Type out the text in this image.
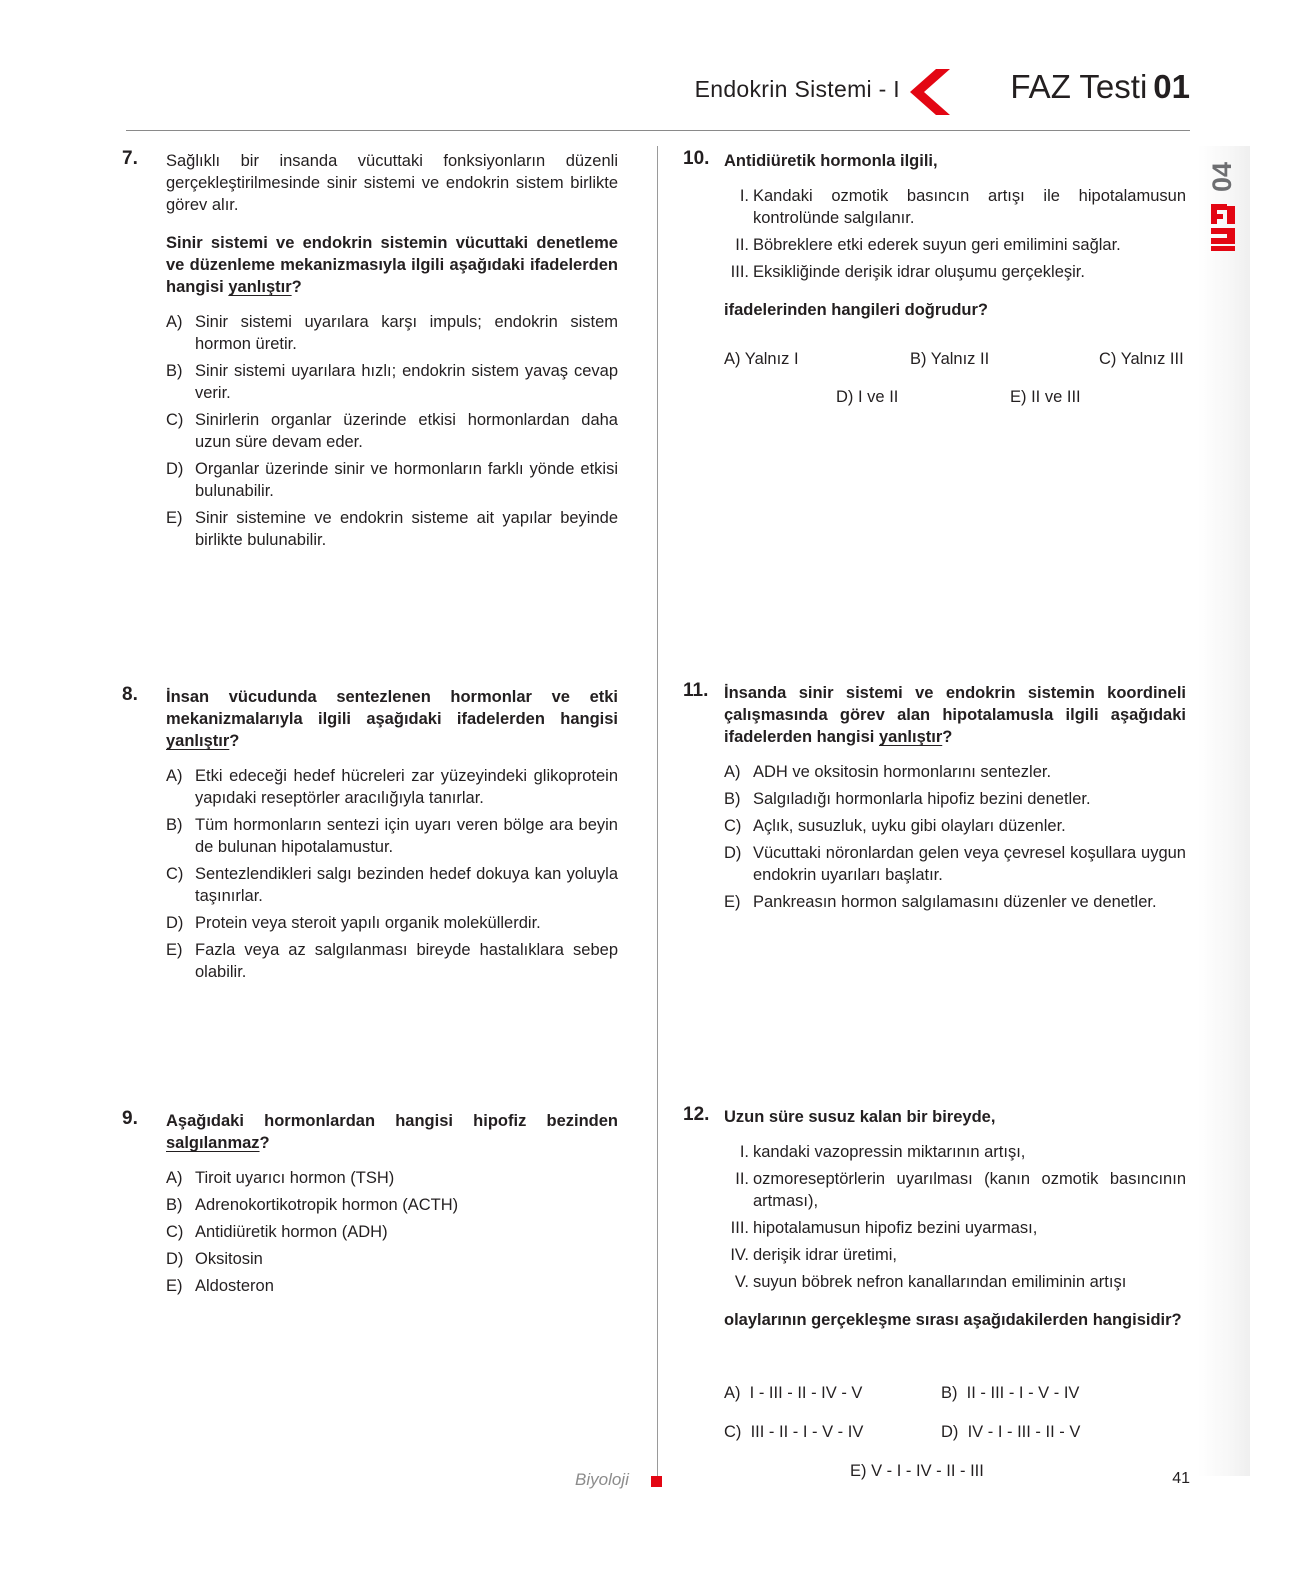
Endokrin Sistemi - I	FAZ Testi 01
04
7. Sağlıklı bir insanda vücuttaki fonksiyonların düzenli gerçekleştirilmesinde sinir sistemi ve endokrin sistem birlikte görev alır.
Sinir sistemi ve endokrin sistemin vücuttaki denetleme ve düzenleme mekanizmasıyla ilgili aşağıdaki ifadelerden hangisi yanlıştır?
A) Sinir sistemi uyarılara karşı impuls; endokrin sistem hormon üretir.
B) Sinir sistemi uyarılara hızlı; endokrin sistem yavaş cevap verir.
C) Sinirlerin organlar üzerinde etkisi hormonlardan daha uzun süre devam eder.
D) Organlar üzerinde sinir ve hormonların farklı yönde etkisi bulunabilir.
E) Sinir sistemine ve endokrin sisteme ait yapılar beyinde birlikte bulunabilir.
8. İnsan vücudunda sentezlenen hormonlar ve etki mekanizmalarıyla ilgili aşağıdaki ifadelerden hangisi yanlıştır?
A) Etki edeceği hedef hücreleri zar yüzeyindeki glikoprotein yapıdaki reseptörler aracılığıyla tanırlar.
B) Tüm hormonların sentezi için uyarı veren bölge ara beyin de bulunan hipotalamustur.
C) Sentezlendikleri salgı bezinden hedef dokuya kan yoluyla taşınırlar.
D) Protein veya steroit yapılı organik moleküllerdir.
E) Fazla veya az salgılanması bireyde hastalıklara sebep olabilir.
9. Aşağıdaki hormonlardan hangisi hipofiz bezinden salgılanmaz?
A) Tiroit uyarıcı hormon (TSH)
B) Adrenokortikotropik hormon (ACTH)
C) Antidiüretik hormon (ADH)
D) Oksitosin
E) Aldosteron
10. Antidiüretik hormonla ilgili,
I. Kandaki ozmotik basıncın artışı ile hipotalamusun kontrolünde salgılanır.
II. Böbreklere etki ederek suyun geri emilimini sağlar.
III. Eksikliğinde derişik idrar oluşumu gerçekleşir.
ifadelerinden hangileri doğrudur?
A) Yalnız I	B) Yalnız II	C) Yalnız III
D) I ve II	E) II ve III
11. İnsanda sinir sistemi ve endokrin sistemin koordineli çalışmasında görev alan hipotalamusla ilgili aşağıdaki ifadelerden hangisi yanlıştır?
A) ADH ve oksitosin hormonlarını sentezler.
B) Salgıladığı hormonlarla hipofiz bezini denetler.
C) Açlık, susuzluk, uyku gibi olayları düzenler.
D) Vücuttaki nöronlardan gelen veya çevresel koşullara uygun endokrin uyarıları başlatır.
E) Pankreasın hormon salgılamasını düzenler ve denetler.
12. Uzun süre susuz kalan bir bireyde,
I. kandaki vazopressin miktarının artışı,
II. ozmoreseptörlerin uyarılması (kanın ozmotik basıncının artması),
III. hipotalamusun hipofiz bezini uyarması,
IV. derişik idrar üretimi,
V. suyun böbrek nefron kanallarından emiliminin artışı
olaylarının gerçekleşme sırası aşağıdakilerden hangisidir?
A) I - III - II - IV - V	B) II - III - I - V - IV
C) III - II - I - V - IV	D) IV - I - III - II - V
E) V - I - IV - II - III
Biyoloji	41
